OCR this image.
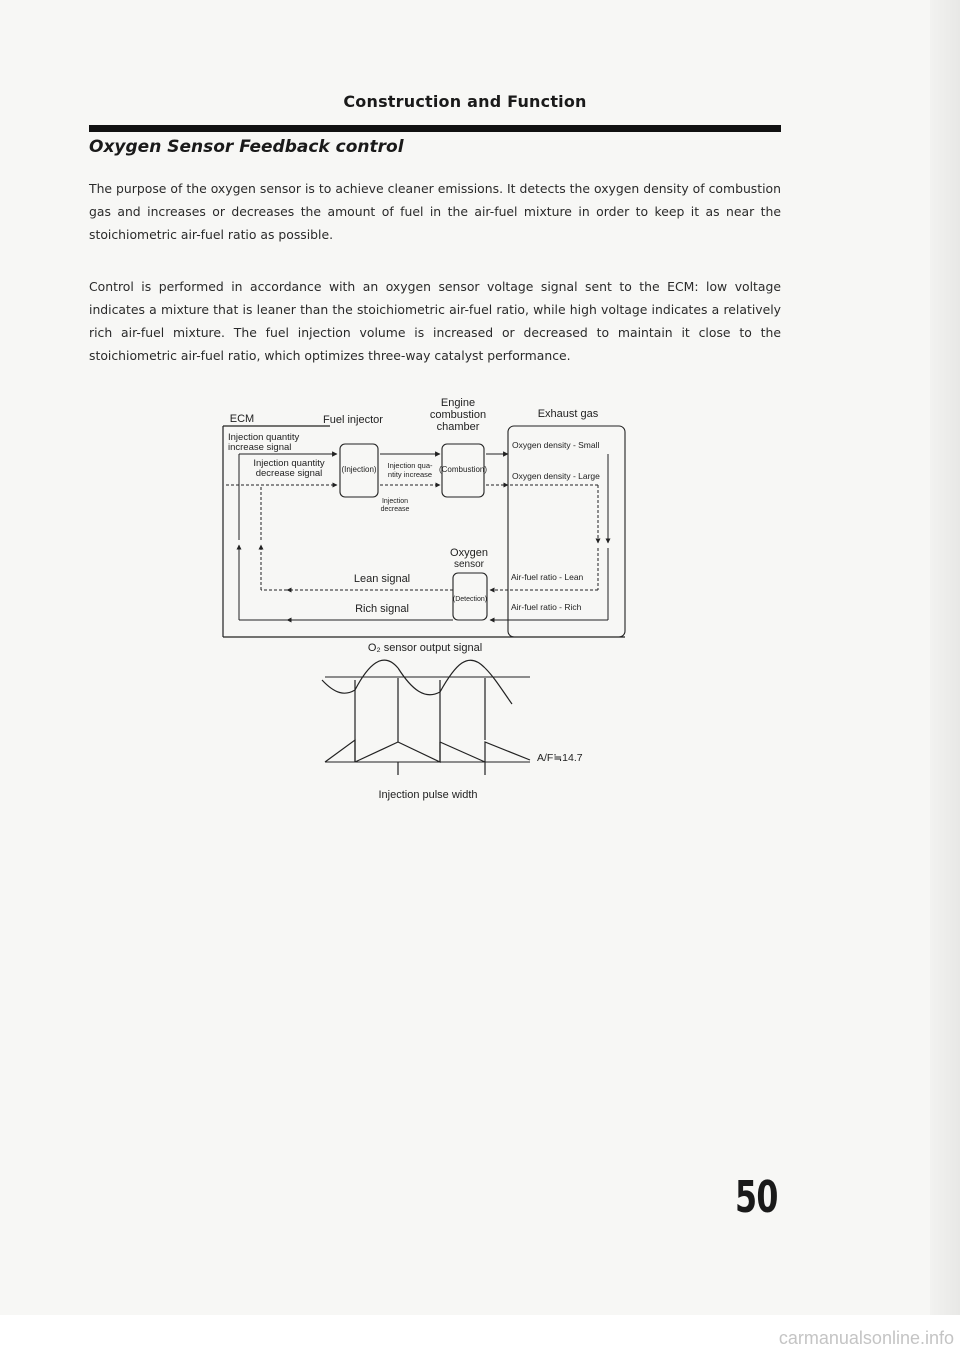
Construction and Function
Oxygen Sensor Feedback control
The purpose of the oxygen sensor is to achieve cleaner emissions. It detects the oxygen density of combustion gas and increases or decreases the amount of fuel in the air-fuel mixture in order to keep it as near the stoichiometric air-fuel ratio as possible.
Control is performed in accordance with an oxygen sensor voltage signal sent to the ECM: low voltage indicates a mixture that is leaner than the stoichiometric air-fuel ratio, while high voltage indicates a relatively rich air-fuel mixture. The fuel injection volume is increased or decreased to maintain it close to the stoichiometric air-fuel ratio, which optimizes three-way catalyst performance.
ECM	Fuel injector
Engine
combustion
chamber
Exhaust gas
Injection quantity
increase signal
Injection quantity
decrease signal (Injection) Injection qua-
ntity increase
Injection
decrease
(Combustion)
Oxygen density - Small
Oxygen density - Large
Air-fuel ratio - Lean
Air-fuel ratio - Rich
Oxygen
sensor
(Detection)
Lean signal
Rich signal
O₂ sensor output signal
A/F≒14.7
Injection pulse width
50
carmanualsonline.info
